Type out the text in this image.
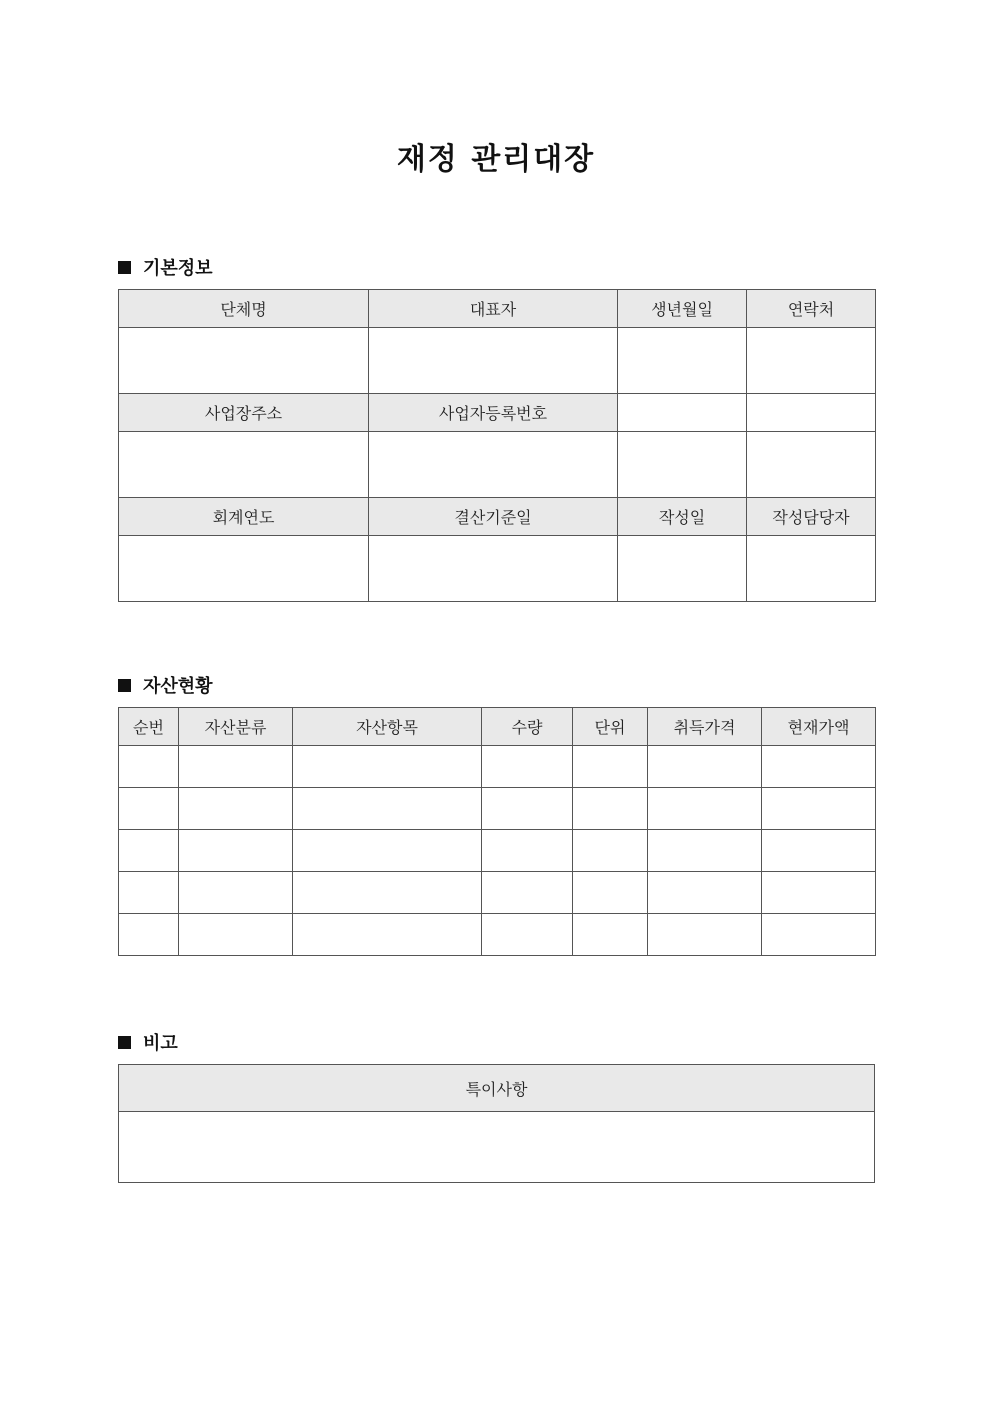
재정 관리대장
기본정보
단체명	대표자	생년월일	연락처

사업장주소	사업자등록번호		

회계연도	결산기준일	작성일	작성담당자

자산현황
순번	자산분류	자산항목	수량	단위	취득가격	현재가액

비고
특이사항
